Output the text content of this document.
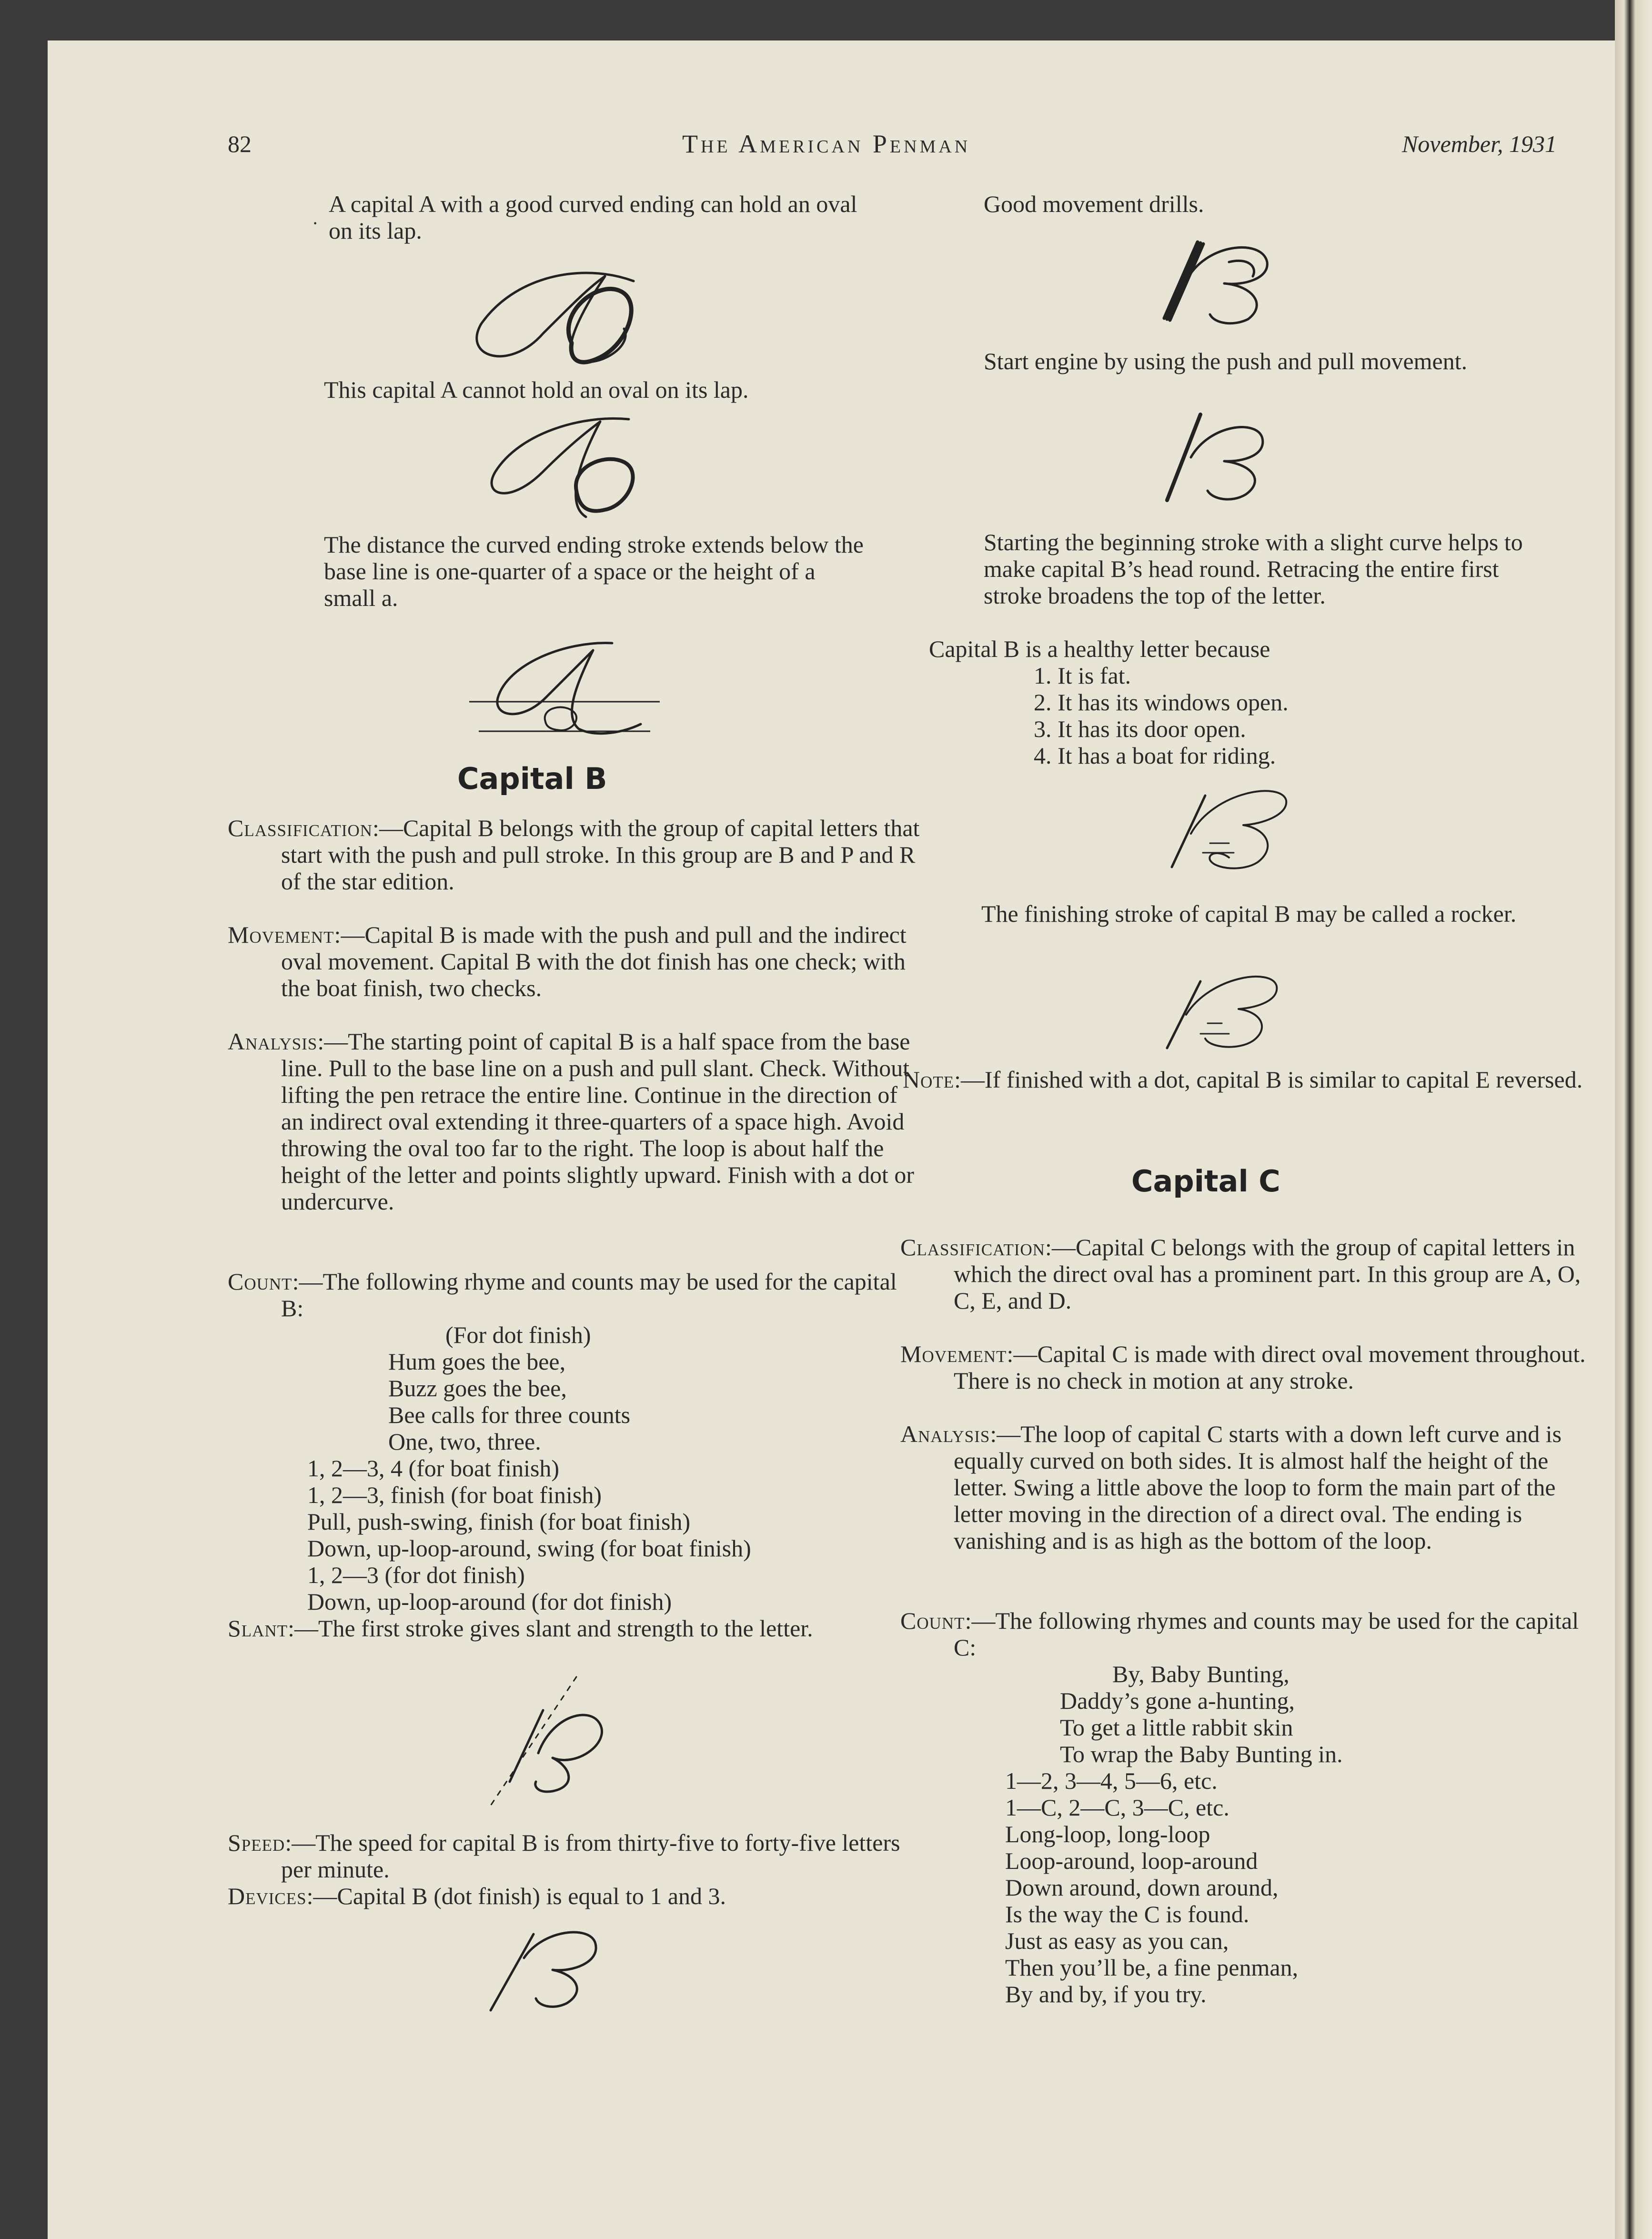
82	The American Penman	November, 1931
·

A capital A with a good curved ending can hold an oval on its lap.

This capital A cannot hold an oval on its lap.

The distance the curved ending stroke extends below the base line is one-quarter of a space or the height of a small a.

Capital B

Classification:—Capital B belongs with the group of capital letters that start with the push and pull stroke. In this group are B and P and R of the star edition.

Movement:—Capital B is made with the push and pull and the indirect oval movement. Capital B with the dot finish has one check; with the boat finish, two checks.

Analysis:—The starting point of capital B is a half space from the base line. Pull to the base line on a push and pull slant. Check. Without lifting the pen retrace the entire line. Continue in the direction of an indirect oval extending it three-quarters of a space high. Avoid throwing the oval too far to the right. The loop is about half the height of the letter and points slightly upward. Finish with a dot or undercurve.

Count:—The following rhyme and counts may be used for the capital B:

(For dot finish)

Hum goes the bee,

Buzz goes the bee,

Bee calls for three counts

One, two, three.

1, 2—3, 4 (for boat finish)

1, 2—3, finish (for boat finish)

Pull, push-swing, finish (for boat finish)

Down, up-loop-around, swing (for boat finish)

1, 2—3 (for dot finish)

Down, up-loop-around (for dot finish)

Slant:—The first stroke gives slant and strength to the letter.

Speed:—The speed for capital B is from thirty-five to forty-five letters per minute.

Devices:—Capital B (dot finish) is equal to 1 and 3.

Good movement drills.

Start engine by using the push and pull movement.

Starting the beginning stroke with a slight curve helps to make capital B’s head round. Retracing the entire first stroke broadens the top of the letter.

Capital B is a healthy letter because

1. It is fat.

2. It has its windows open.

3. It has its door open.

4. It has a boat for riding.

The finishing stroke of capital B may be called a rocker.

Note:—If finished with a dot, capital B is similar to capital E reversed.

Capital C

Classification:—Capital C belongs with the group of capital letters in which the direct oval has a prominent part. In this group are A, O, C, E, and D.

Movement:—Capital C is made with direct oval movement throughout. There is no check in motion at any stroke.

Analysis:—The loop of capital C starts with a down left curve and is equally curved on both sides. It is almost half the height of the letter. Swing a little above the loop to form the main part of the letter moving in the direction of a direct oval. The ending is vanishing and is as high as the bottom of the loop.

Count:—The following rhymes and counts may be used for the capital C:

By, Baby Bunting,

Daddy’s gone a-hunting,

To get a little rabbit skin

To wrap the Baby Bunting in.

1—2, 3—4, 5—6, etc.

1—C, 2—C, 3—C, etc.

Long-loop, long-loop

Loop-around, loop-around

Down around, down around,

Is the way the C is found.

Just as easy as you can,

Then you’ll be, a fine penman,

By and by, if you try.
